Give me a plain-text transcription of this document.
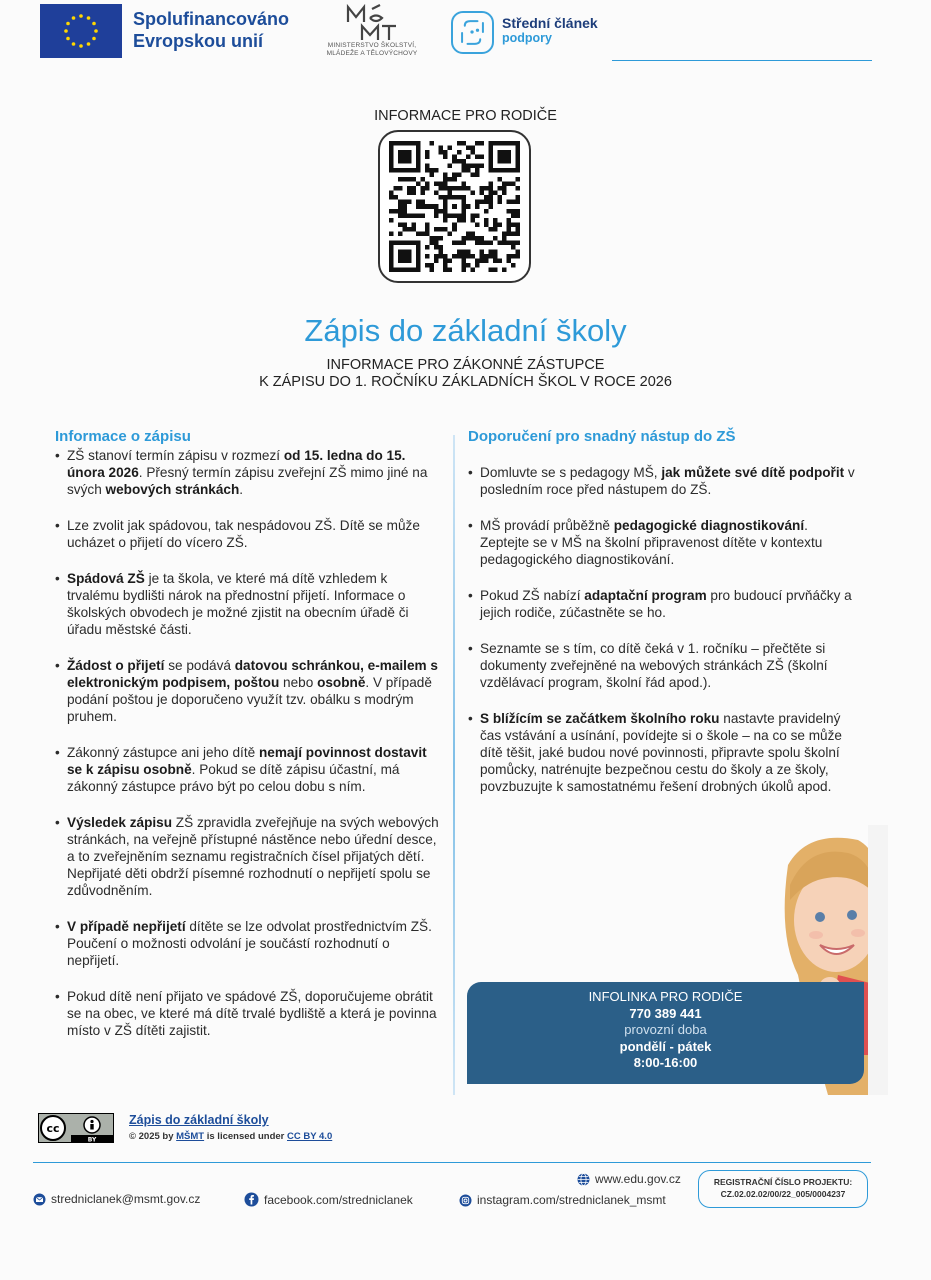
Spolufinancováno
Evropskou unií	MINISTERSTVO ŠKOLSTVÍ,
MLÁDEŽE A TĚLOVÝCHOVY
Střední článek
podpory
INFORMACE PRO RODIČE
Zápis do základní školy
INFORMACE PRO ZÁKONNÉ ZÁSTUPCE
K ZÁPISU DO 1. ROČNÍKU ZÁKLADNÍCH ŠKOL V ROCE 2026
Informace o zápisu
• ZŠ stanoví termín zápisu v rozmezí od 15. ledna do 15. února 2026. Přesný termín zápisu zveřejní ZŠ mimo jiné na svých webových stránkách.
• Lze zvolit jak spádovou, tak nespádovou ZŠ. Dítě se může ucházet o přijetí do vícero ZŠ.
• Spádová ZŠ je ta škola, ve které má dítě vzhledem k trvalému bydlišti nárok na přednostní přijetí. Informace o školských obvodech je možné zjistit na obecním úřadě či úřadu městské části.
• Žádost o přijetí se podává datovou schránkou, e-mailem s elektronickým podpisem, poštou nebo osobně. V případě podání poštou je doporučeno využít tzv. obálku s modrým pruhem.
• Zákonný zástupce ani jeho dítě nemají povinnost dostavit se k zápisu osobně. Pokud se dítě zápisu účastní, má zákonný zástupce právo být po celou dobu s ním.
• Výsledek zápisu ZŠ zpravidla zveřejňuje na svých webových stránkách, na veřejně přístupné nástěnce nebo úřední desce, a to zveřejněním seznamu registračních čísel přijatých dětí. Nepřijaté děti obdrží písemné rozhodnutí o nepřijetí spolu se zdůvodněním.
• V případě nepřijetí dítěte se lze odvolat prostřednictvím ZŠ. Poučení o možnosti odvolání je součástí rozhodnutí o nepřijetí.
• Pokud dítě není přijato ve spádové ZŠ, doporučujeme obrátit se na obec, ve které má dítě trvalé bydliště a která je povinna místo v ZŠ dítěti zajistit.
Doporučení pro snadný nástup do ZŠ
• Domluvte se s pedagogy MŠ, jak můžete své dítě podpořit v posledním roce před nástupem do ZŠ.
• MŠ provádí průběžně pedagogické diagnostikování. Zeptejte se v MŠ na školní připravenost dítěte v kontextu pedagogického diagnostikování.
• Pokud ZŠ nabízí adaptační program pro budoucí prvňáčky a jejich rodiče, zúčastněte se ho.
• Seznamte se s tím, co dítě čeká v 1. ročníku – přečtěte si dokumenty zveřejněné na webových stránkách ZŠ (školní vzdělávací program, školní řád apod.).
• S blížícím se začátkem školního roku nastavte pravidelný čas vstávání a usínání, povídejte si o škole – na co se může dítě těšit, jaké budou nové povinnosti, připravte spolu školní pomůcky, natrénujte bezpečnou cestu do školy a ze školy, povzbuzujte k samostatnému řešení drobných úkolů apod.
INFOLINKA PRO RODIČE
770 389 441
provozní doba
pondělí - pátek
8:00-16:00
BY
cc
Zápis do základní školy
© 2025 by MŠMT is licensed under CC BY 4.0
www.edu.gov.cz
stredniclanek@msmt.gov.cz	facebook.com/stredniclanek	instagram.com/stredniclanek_msmt
REGISTRAČNÍ ČÍSLO PROJEKTU:
CZ.02.02.02/00/22_005/0004237
